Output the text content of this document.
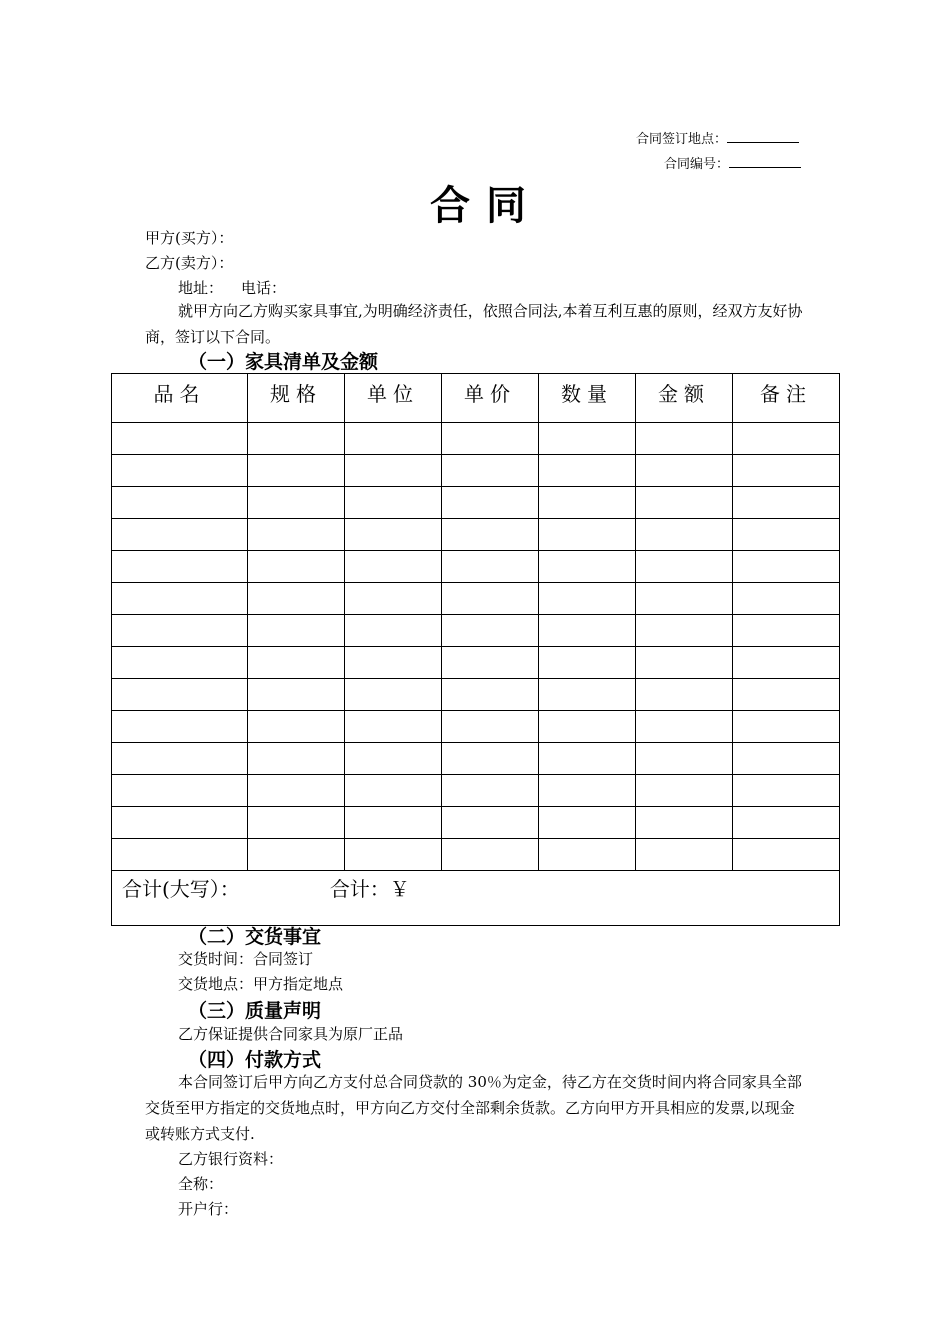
合同签订地点：
合同编号：
合同
甲方(买方）：
乙方(卖方）：
地址： 电话：
就甲方向乙方购买家具事宜,为明确经济责任，依照合同法,本着互利互惠的原则，经双方友好协商，签订以下合同。
（一）家具清单及金额
品名	规格	单位	单价	数量	金额	备注

合计(大写）： 合计：￥						
（二）交货事宜
交货时间：合同签订
交货地点：甲方指定地点
（三）质量声明
乙方保证提供合同家具为原厂正品
（四）付款方式
本合同签订后甲方向乙方支付总合同贷款的 30％为定金，待乙方在交货时间内将合同家具全部交货至甲方指定的交货地点时，甲方向乙方交付全部剩余货款。乙方向甲方开具相应的发票,以现金或转账方式支付.
乙方银行资料：
全称：
开户行：
